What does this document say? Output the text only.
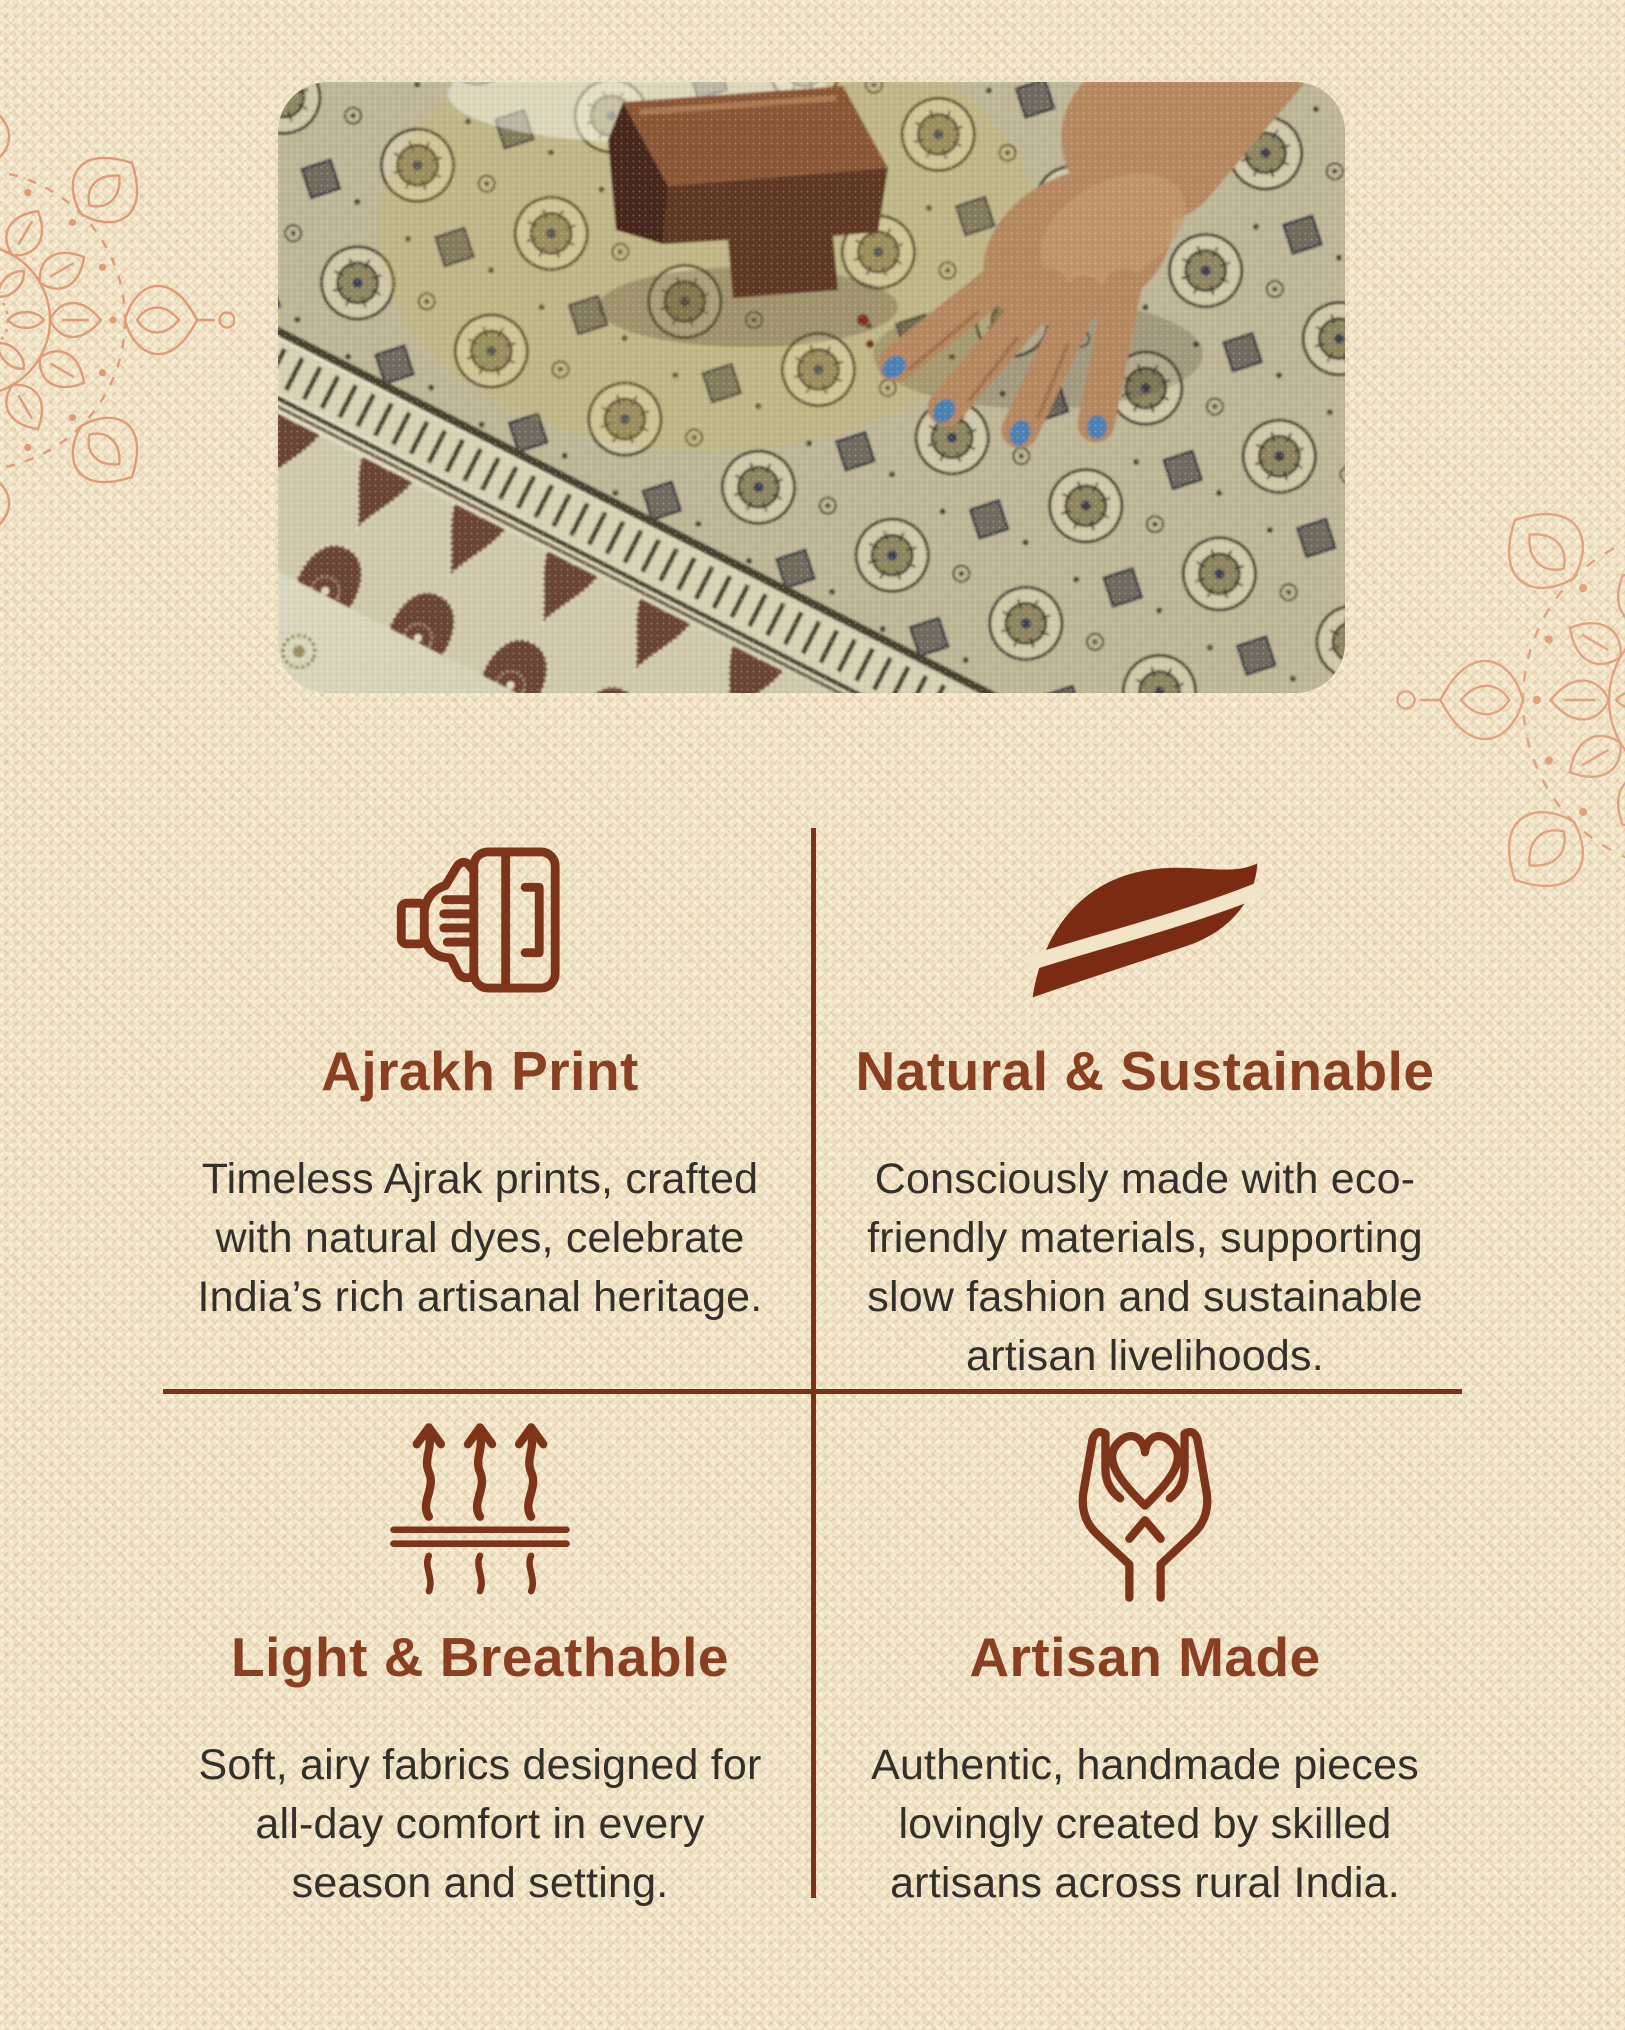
Ajrakh Print

Timeless Ajrak prints, crafted
with natural dyes, celebrate
India’s rich artisanal heritage.

Natural & Sustainable

Consciously made with eco-
friendly materials, supporting
slow fashion and sustainable
artisan livelihoods.

Light & Breathable

Soft, airy fabrics designed for
all-day comfort in every
season and setting.

Artisan Made

Authentic, handmade pieces
lovingly created by skilled
artisans across rural India.
